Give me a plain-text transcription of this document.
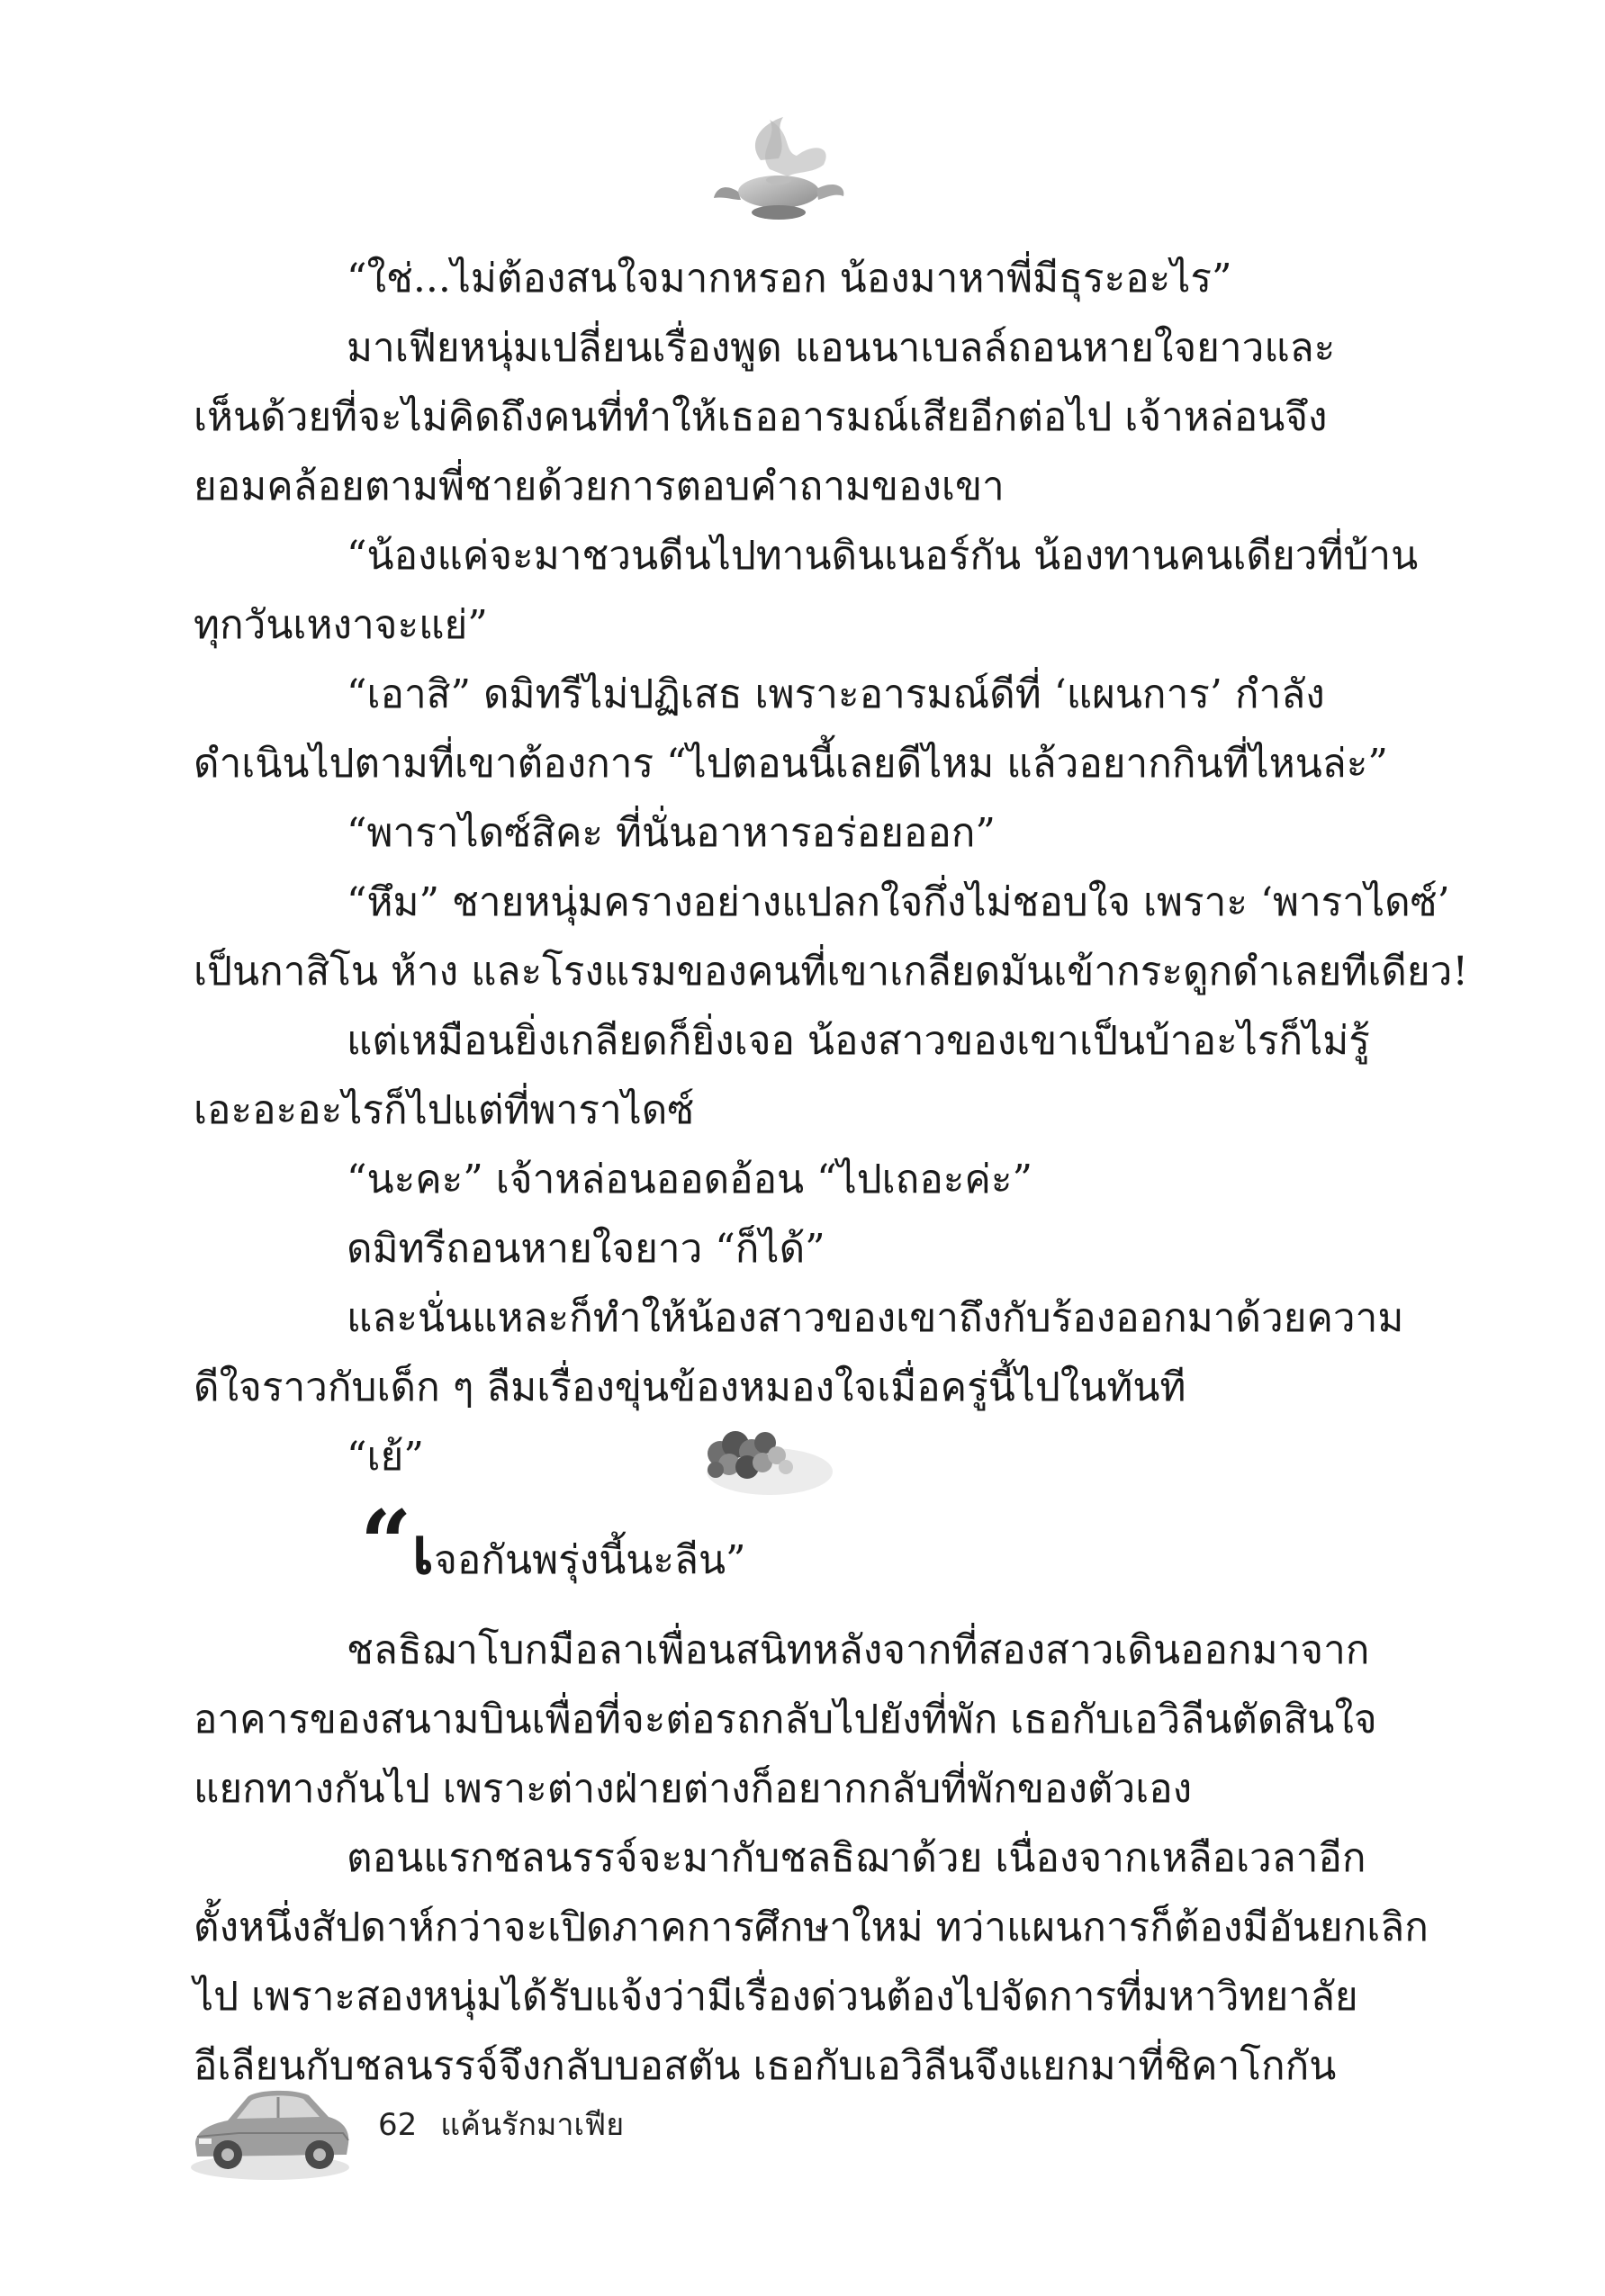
“ใช่...ไม่ต้องสนใจมากหรอก น้องมาหาพี่มีธุระอะไร”

มาเฟียหนุ่มเปลี่ยนเรื่องพูด แอนนาเบลล์ถอนหายใจยาวและ

เห็นด้วยที่จะไม่คิดถึงคนที่ทำให้เธออารมณ์เสียอีกต่อไป เจ้าหล่อนจึง

ยอมคล้อยตามพี่ชายด้วยการตอบคำถามของเขา

“น้องแค่จะมาชวนดีนไปทานดินเนอร์กัน น้องทานคนเดียวที่บ้าน

ทุกวันเหงาจะแย่”

“เอาสิ” ดมิทรีไม่ปฏิเสธ เพราะอารมณ์ดีที่ ‘แผนการ’ กำลัง

ดำเนินไปตามที่เขาต้องการ “ไปตอนนี้เลยดีไหม แล้วอยากกินที่ไหนล่ะ”

“พาราไดซ์สิคะ ที่นั่นอาหารอร่อยออก”

“หึม” ชายหนุ่มครางอย่างแปลกใจกึ่งไม่ชอบใจ เพราะ ‘พาราไดซ์’

เป็นกาสิโน ห้าง และโรงแรมของคนที่เขาเกลียดมันเข้ากระดูกดำเลยทีเดียว!

แต่เหมือนยิ่งเกลียดก็ยิ่งเจอ น้องสาวของเขาเป็นบ้าอะไรก็ไม่รู้

เอะอะอะไรก็ไปแต่ที่พาราไดซ์

“นะคะ” เจ้าหล่อนออดอ้อน “ไปเถอะค่ะ”

ดมิทรีถอนหายใจยาว “ก็ได้”

และนั่นแหละก็ทำให้น้องสาวของเขาถึงกับร้องออกมาด้วยความ

ดีใจราวกับเด็ก ๆ ลืมเรื่องขุ่นข้องหมองใจเมื่อครู่นี้ไปในทันที

“เย้”

“เจอกันพรุ่งนี้นะลีน”

ชลธิฌาโบกมือลาเพื่อนสนิทหลังจากที่สองสาวเดินออกมาจาก

อาคารของสนามบินเพื่อที่จะต่อรถกลับไปยังที่พัก เธอกับเอวิลีนตัดสินใจ

แยกทางกันไป เพราะต่างฝ่ายต่างก็อยากกลับที่พักของตัวเอง

ตอนแรกชลนรรจ์จะมากับชลธิฌาด้วย เนื่องจากเหลือเวลาอีก

ตั้งหนึ่งสัปดาห์กว่าจะเปิดภาคการศึกษาใหม่ ทว่าแผนการก็ต้องมีอันยกเลิก

ไป เพราะสองหนุ่มได้รับแจ้งว่ามีเรื่องด่วนต้องไปจัดการที่มหาวิทยาลัย

อีเลียนกับชลนรรจ์จึงกลับบอสตัน เธอกับเอวิลีนจึงแยกมาที่ชิคาโกกัน

62 แค้นรักมาเฟีย
